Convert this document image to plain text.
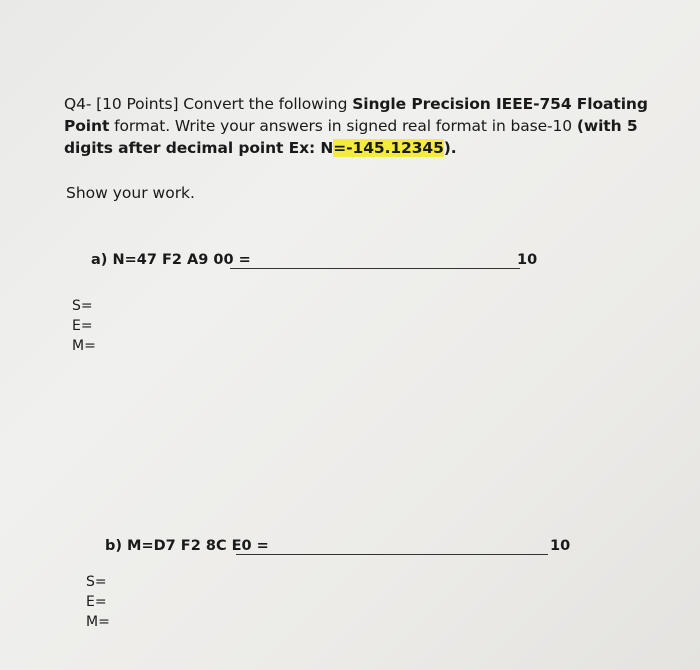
Q4- [10 Points] Convert the following Single Precision IEEE-754 Floating Point format. Write your answers in signed real format in base-10 (with 5 digits after decimal point Ex: N=-145.12345).
Show your work.
a) N=47 F2 A9 00 =	10
S=
E=
M=
b) M=D7 F2 8C E0 =	10
S=
E=
M=
